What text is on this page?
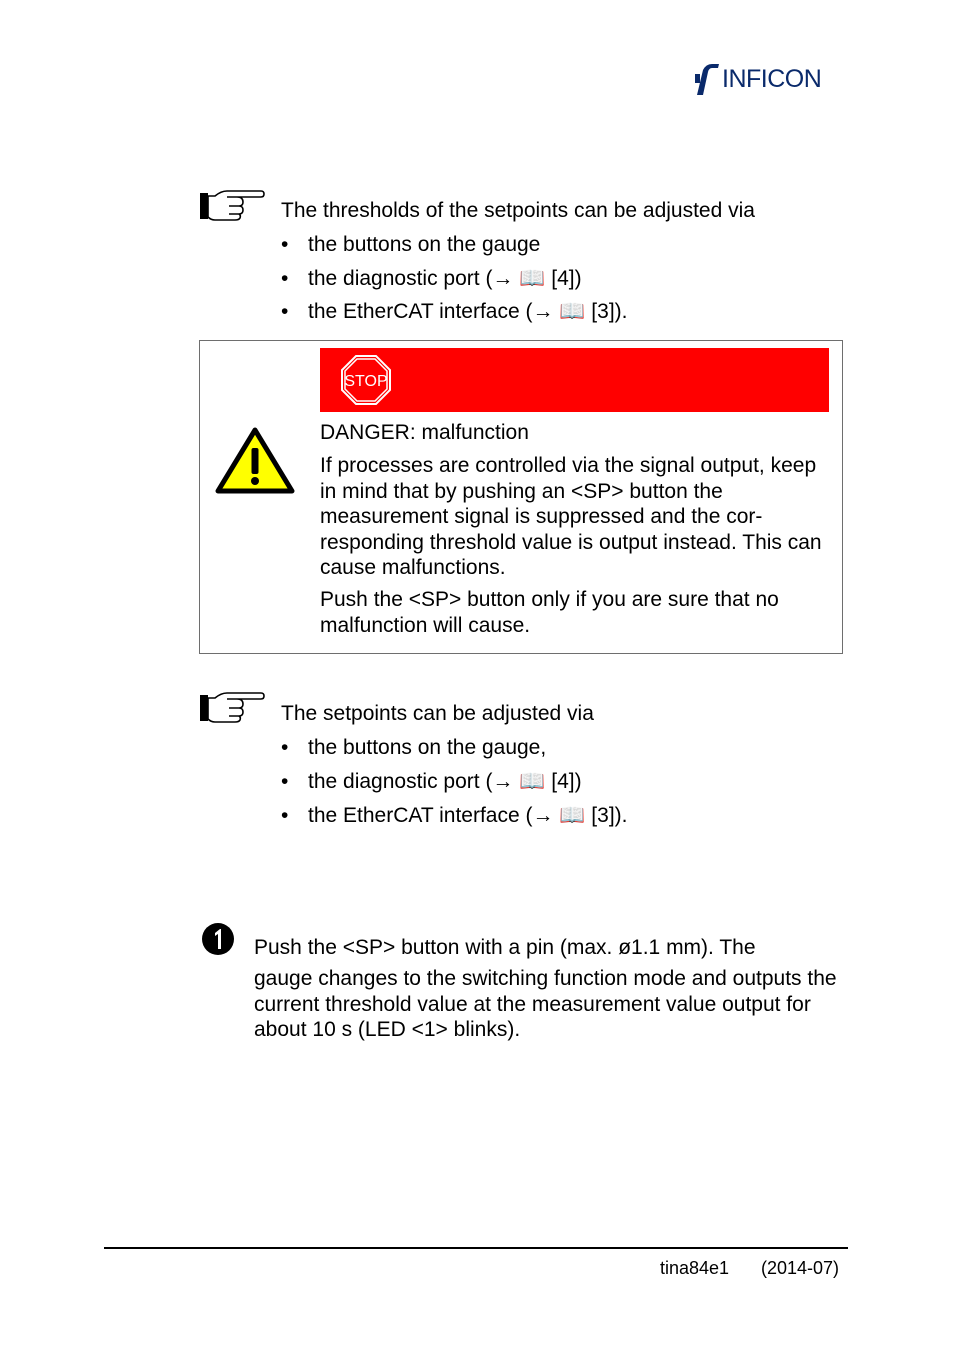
INFICON
The thresholds of the setpoints can be adjusted via
• the buttons on the gauge
• the diagnostic port (→ 📖 [4])
• the EtherCAT interface (→ 📖 [3]).
STOP
DANGER: malfunction
If processes are controlled via the signal output, keep in mind that by pushing an <SP> button the measurement signal is suppressed and the cor-responding threshold value is output instead. This can cause malfunctions.
Push the <SP> button only if you are sure that no malfunction will cause.
The setpoints can be adjusted via
• the buttons on the gauge,
• the diagnostic port (→ 📖 [4])
• the EtherCAT interface (→ 📖 [3]).
Push the <SP> button with a pin (max. ø1.1 mm). The
gauge changes to the switching function mode and outputs the current threshold value at the measurement value output for about 10 s (LED <1> blinks).
tina84e1 (2014-07)
